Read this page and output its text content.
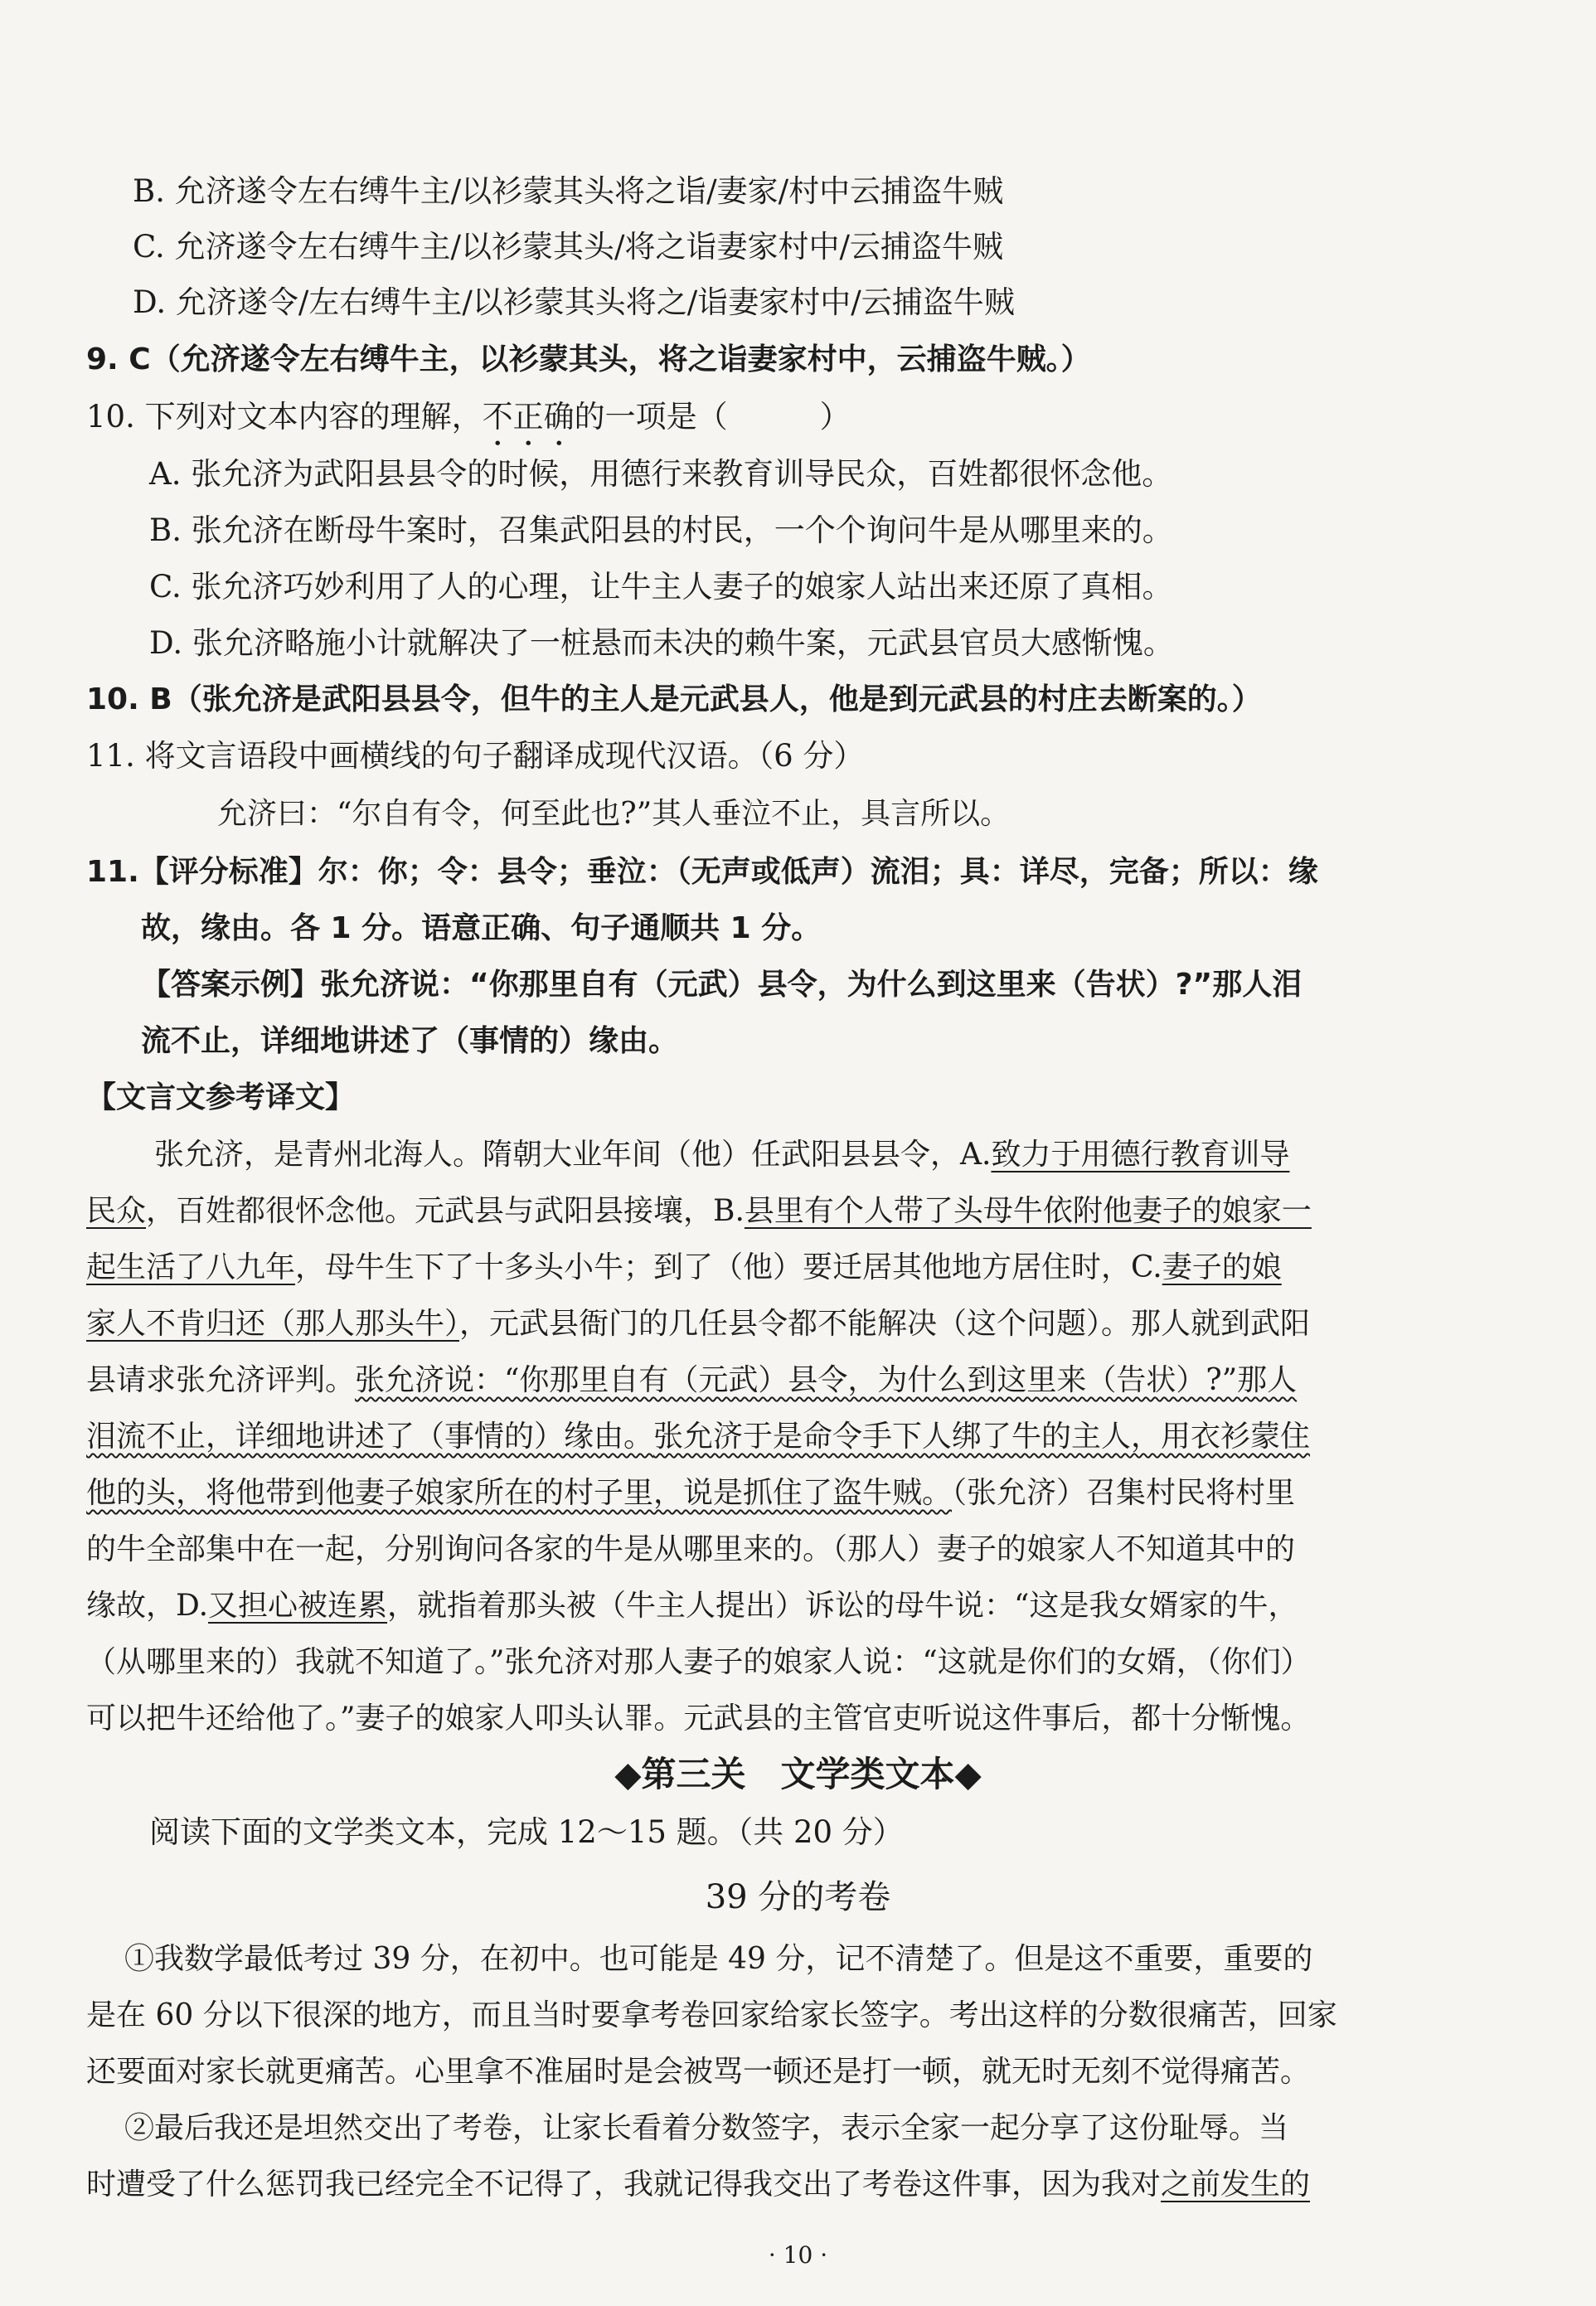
B. 允济遂令左右缚牛主/以衫蒙其头将之诣/妻家/村中云捕盗牛贼
C. 允济遂令左右缚牛主/以衫蒙其头/将之诣妻家村中/云捕盗牛贼
D. 允济遂令/左右缚牛主/以衫蒙其头将之/诣妻家村中/云捕盗牛贼
9. C（允济遂令左右缚牛主，以衫蒙其头，将之诣妻家村中，云捕盗牛贼。）
10. 下列对文本内容的理解，不正确的一项是（　　　）
A. 张允济为武阳县县令的时候，用德行来教育训导民众，百姓都很怀念他。
B. 张允济在断母牛案时，召集武阳县的村民，一个个询问牛是从哪里来的。
C. 张允济巧妙利用了人的心理，让牛主人妻子的娘家人站出来还原了真相。
D. 张允济略施小计就解决了一桩悬而未决的赖牛案，元武县官员大感惭愧。
10. B（张允济是武阳县县令，但牛的主人是元武县人，他是到元武县的村庄去断案的。）
11. 将文言语段中画横线的句子翻译成现代汉语。（6 分）
允济曰：“尔自有令，何至此也?”其人垂泣不止，具言所以。
11.【评分标准】尔：你；令：县令；垂泣：（无声或低声）流泪；具：详尽，完备；所以：缘
故，缘由。各 1 分。语意正确、句子通顺共 1 分。
【答案示例】张允济说：“你那里自有（元武）县令，为什么到这里来（告状）?”那人泪
流不止，详细地讲述了（事情的）缘由。
【文言文参考译文】
　张允济，是青州北海人。隋朝大业年间（他）任武阳县县令，A.致力于用德行教育训导
民众，百姓都很怀念他。元武县与武阳县接壤，B.县里有个人带了头母牛依附他妻子的娘家一
起生活了八九年，母牛生下了十多头小牛；到了（他）要迁居其他地方居住时，C.妻子的娘
家人不肯归还（那人那头牛），元武县衙门的几任县令都不能解决（这个问题）。那人就到武阳
县请求张允济评判。张允济说：“你那里自有（元武）县令，为什么到这里来（告状）?”那人
泪流不止，详细地讲述了（事情的）缘由。张允济于是命令手下人绑了牛的主人，用衣衫蒙住
他的头，将他带到他妻子娘家所在的村子里，说是抓住了盗牛贼。（张允济）召集村民将村里
的牛全部集中在一起，分别询问各家的牛是从哪里来的。（那人）妻子的娘家人不知道其中的
缘故，D.又担心被连累，就指着那头被（牛主人提出）诉讼的母牛说：“这是我女婿家的牛，
（从哪里来的）我就不知道了。”张允济对那人妻子的娘家人说：“这就是你们的女婿，（你们）
可以把牛还给他了。”妻子的娘家人叩头认罪。元武县的主管官吏听说这件事后，都十分惭愧。
◆第三关　文学类文本◆
阅读下面的文学类文本，完成 12～15 题。（共 20 分）
39 分的考卷
①我数学最低考过 39 分，在初中。也可能是 49 分，记不清楚了。但是这不重要，重要的
是在 60 分以下很深的地方，而且当时要拿考卷回家给家长签字。考出这样的分数很痛苦，回家
还要面对家长就更痛苦。心里拿不准届时是会被骂一顿还是打一顿，就无时无刻不觉得痛苦。
②最后我还是坦然交出了考卷，让家长看着分数签字，表示全家一起分享了这份耻辱。当
时遭受了什么惩罚我已经完全不记得了，我就记得我交出了考卷这件事，因为我对之前发生的
· 10 ·
